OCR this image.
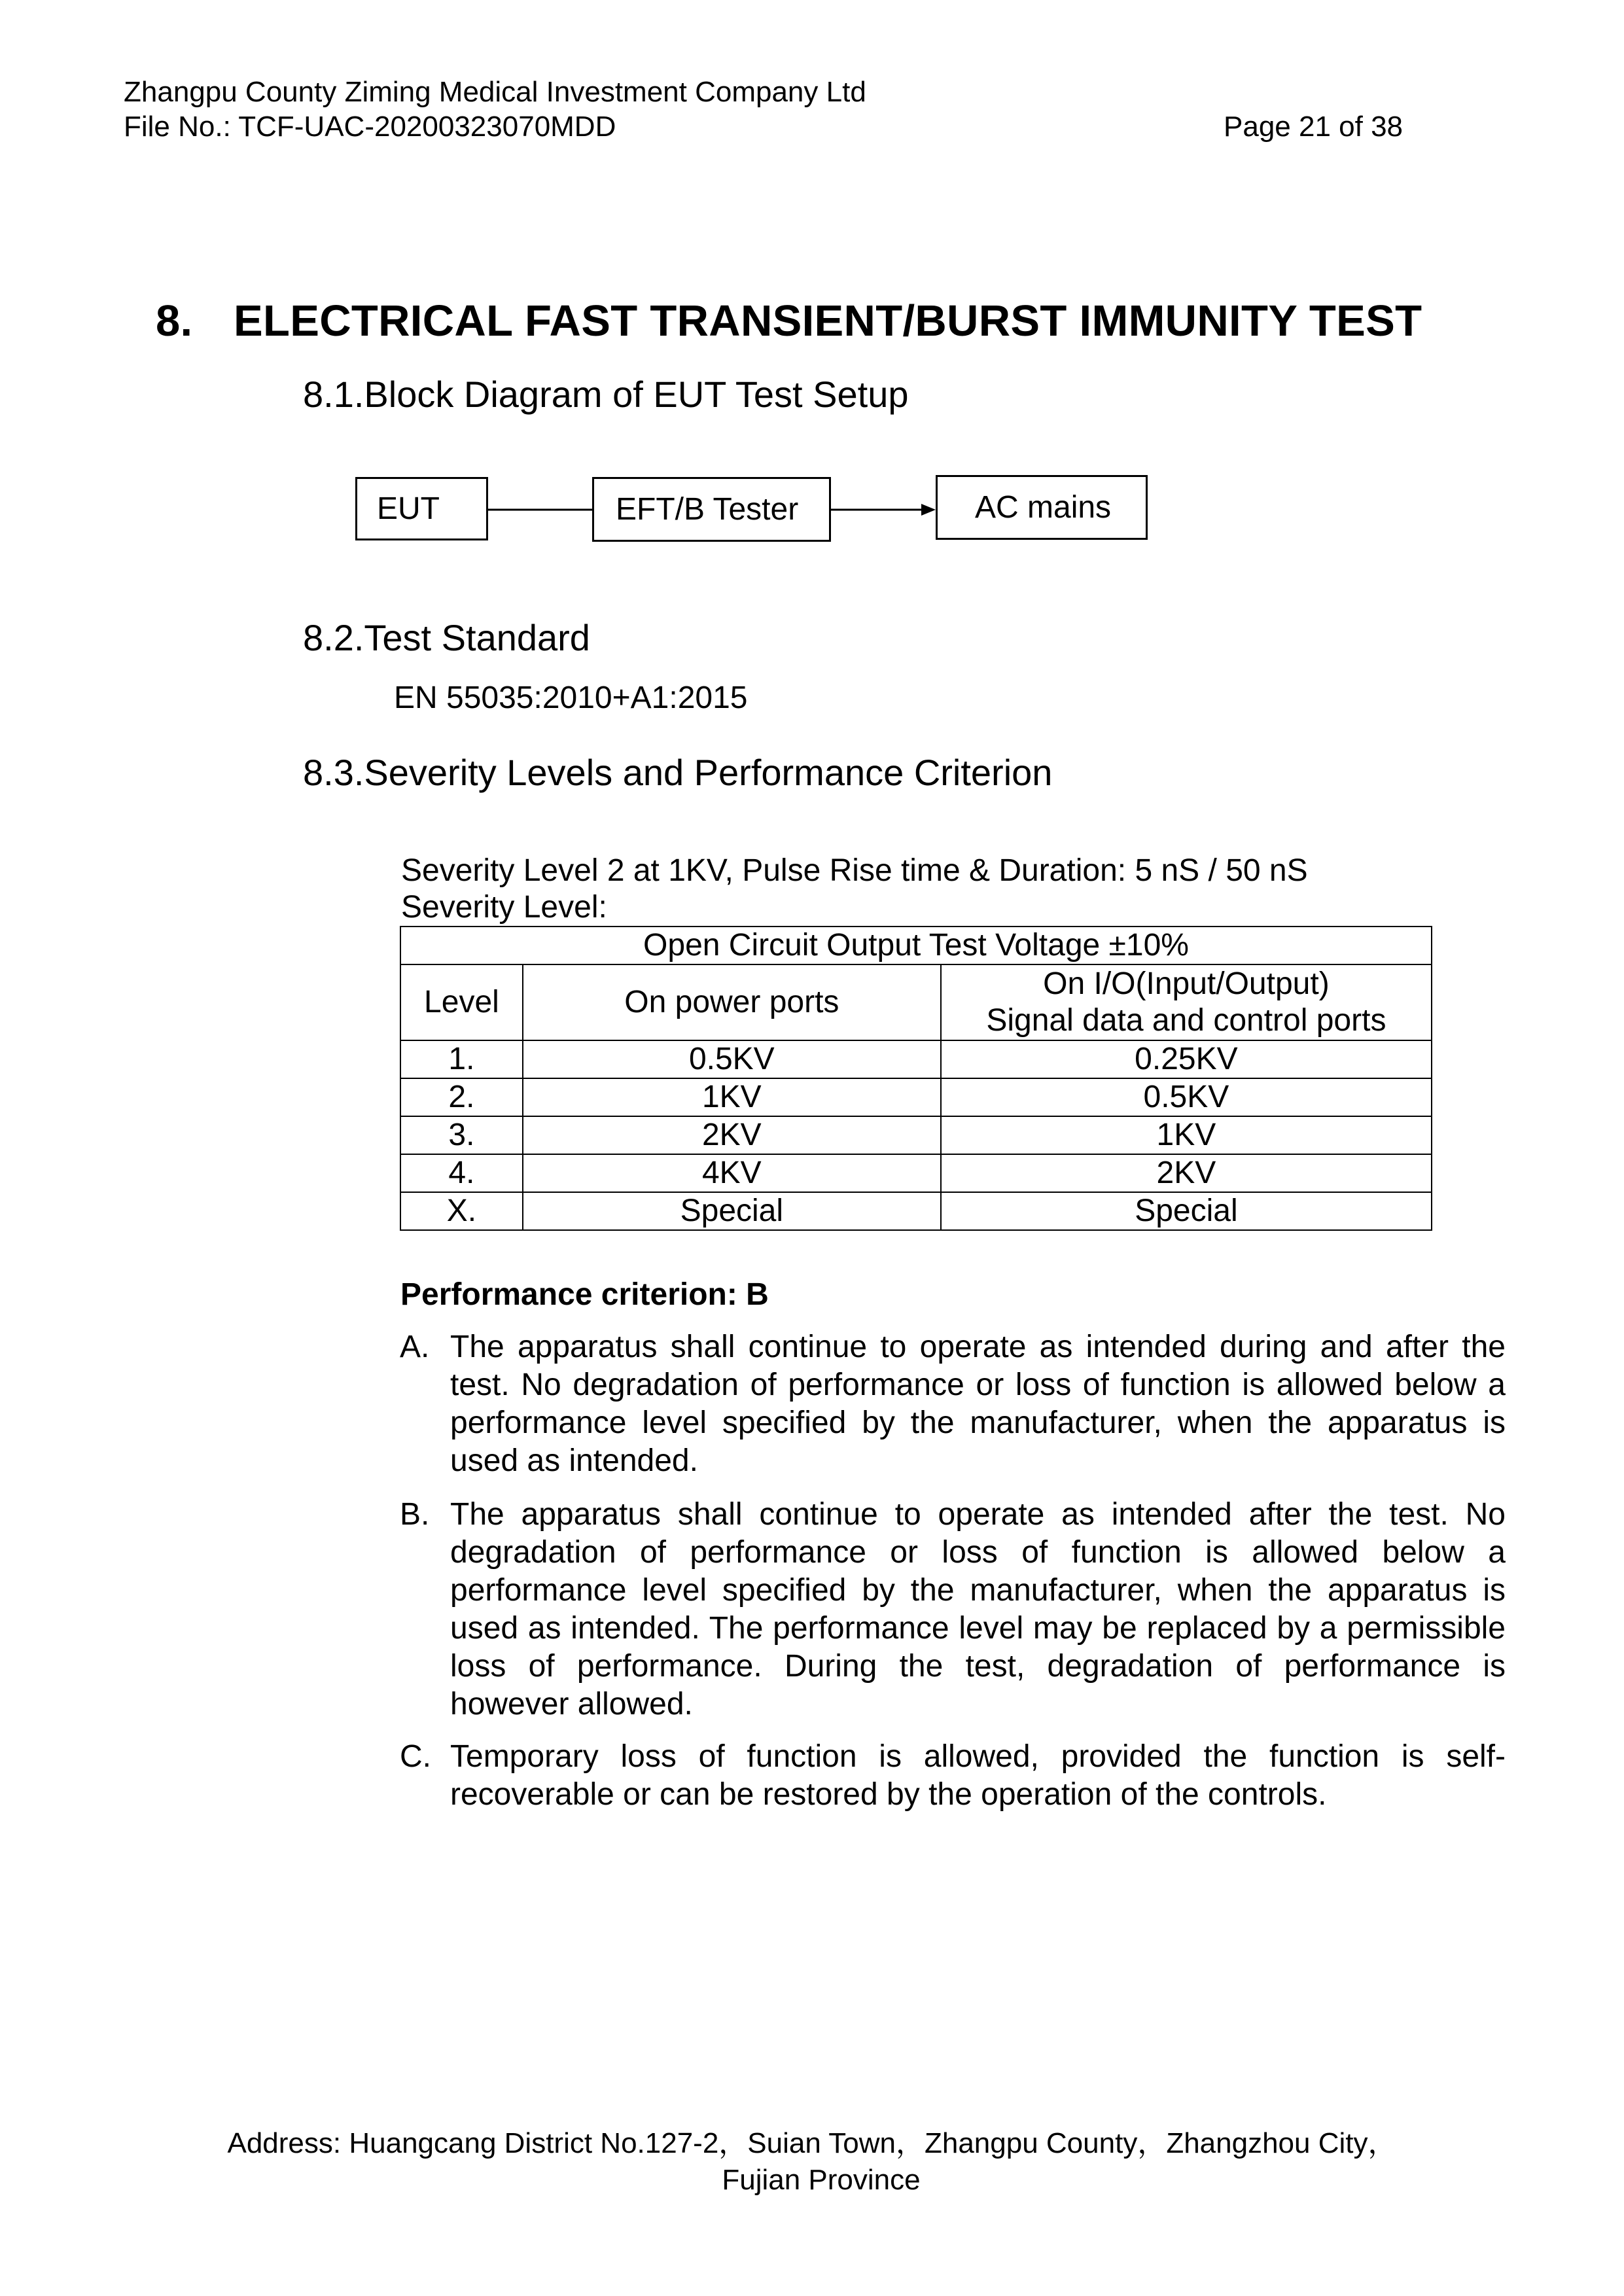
Zhangpu County Ziming Medical Investment Company Ltd
File No.: TCF-UAC-20200323070MDD	Page 21 of 38
8. ELECTRICAL FAST TRANSIENT/BURST IMMUNITY TEST
8.1.Block Diagram of EUT Test Setup
EUT	EFT/B Tester	AC mains
8.2.Test Standard
EN 55035:2010+A1:2015
8.3.Severity Levels and Performance Criterion
Severity Level 2 at 1KV, Pulse Rise time & Duration: 5 nS / 50 nS
Severity Level:
Open Circuit Output Test Voltage ±10%		
Level	On power ports	On I/O(Input/Output)
Signal data and control ports

1.	0.5KV	0.25KV
2.	1KV	0.5KV
3.	2KV	1KV
4.	4KV	2KV
X.	Special	Special
Performance criterion: B
A. The apparatus shall continue to operate as intended during and after the test. No degradation of performance or loss of function is allowed below a performance level specified by the manufacturer, when the apparatus is used as intended.
B. The apparatus shall continue to operate as intended after the test. No degradation of performance or loss of function is allowed below a performance level specified by the manufacturer, when the apparatus is used as intended. The performance level may be replaced by a permissible loss of performance. During the test, degradation of performance is however allowed.
C. Temporary loss of function is allowed, provided the function is self-recoverable or can be restored by the operation of the controls.
Address: Huangcang District No.127-2，Suian Town，Zhangpu County，Zhangzhou City，
Fujian Province
